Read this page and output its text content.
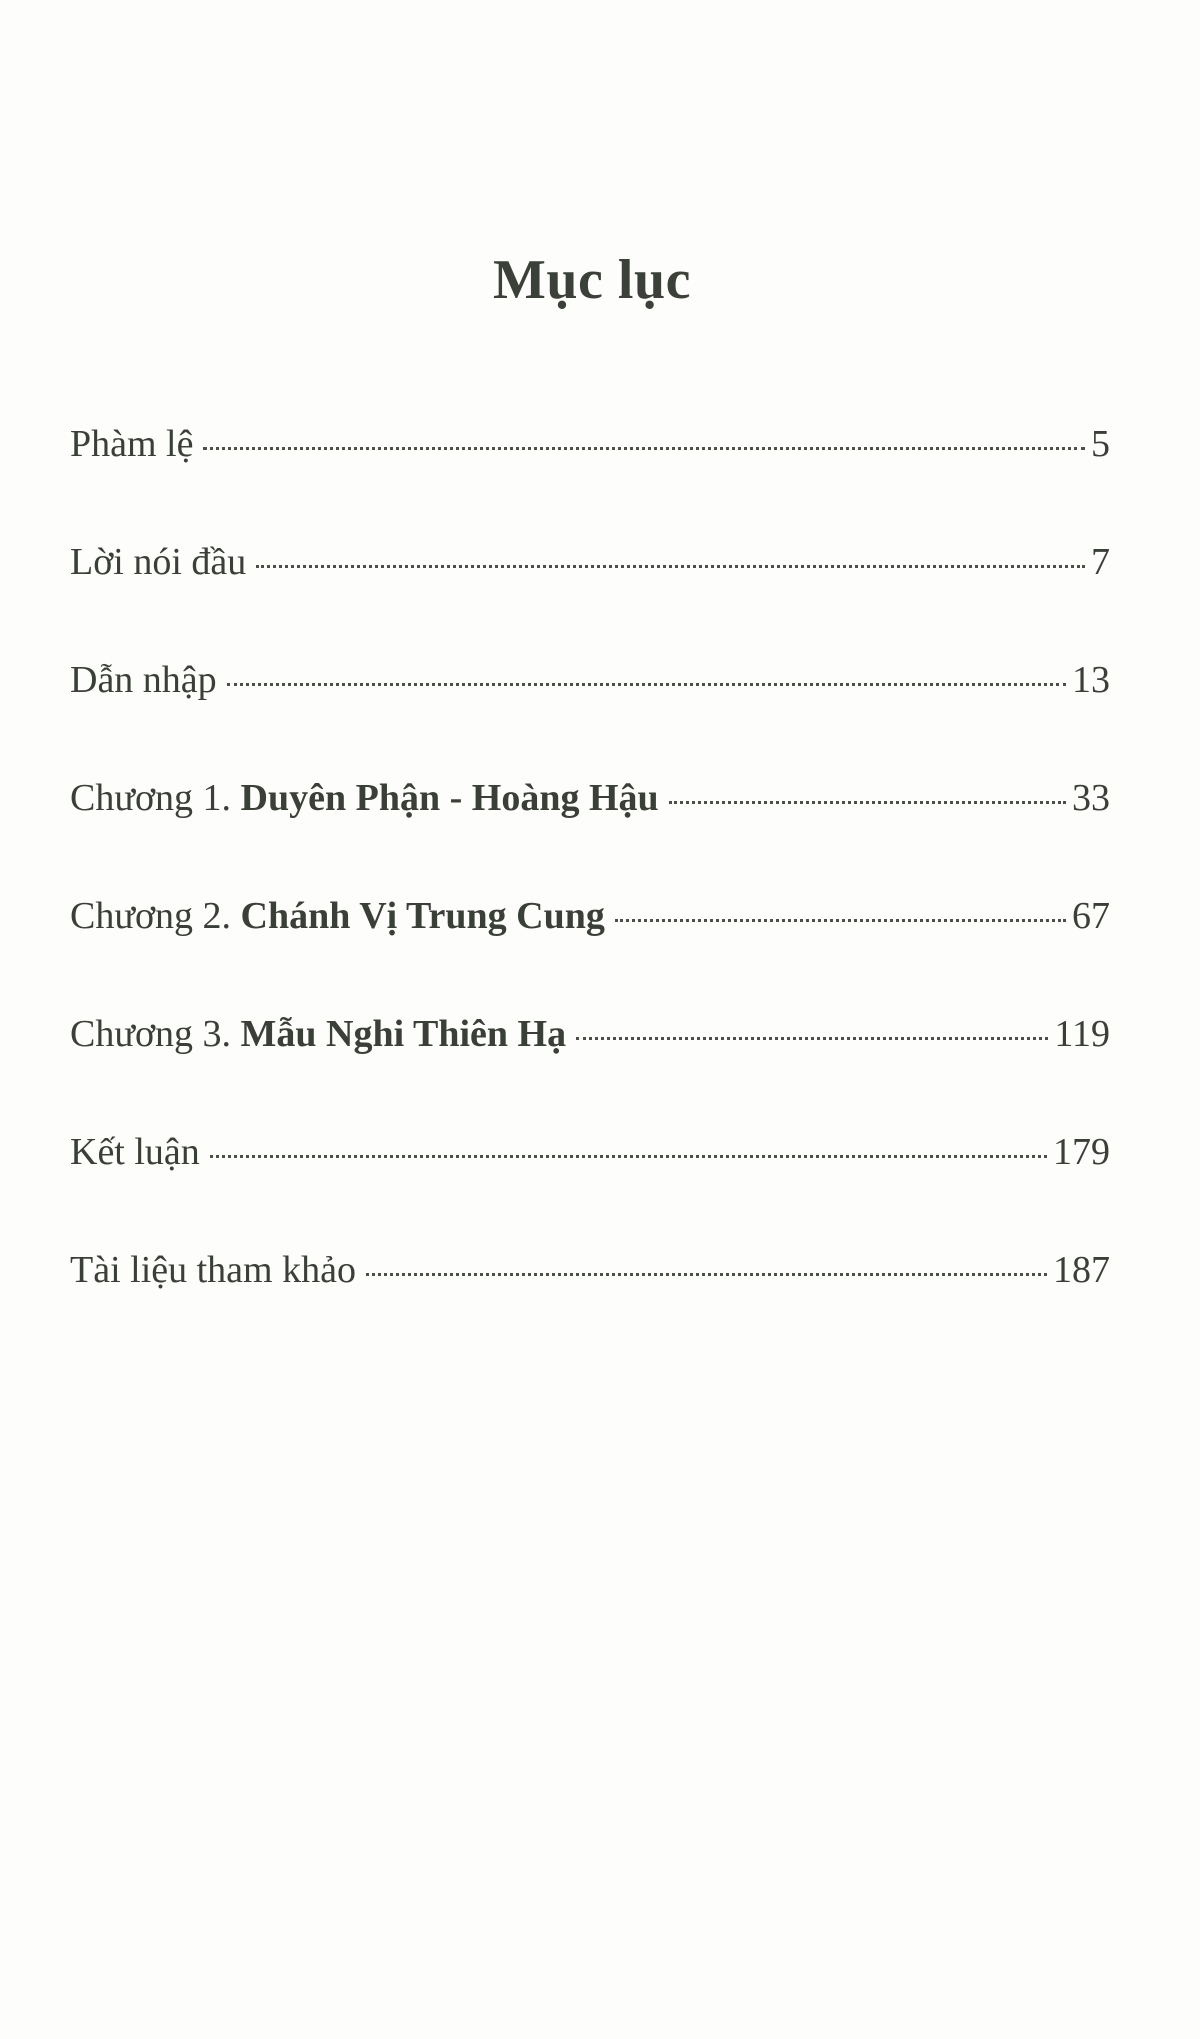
Mục lục
Phàm lệ	5
Lời nói đầu	7
Dẫn nhập	13
Chương 1. Duyên Phận - Hoàng Hậu	33
Chương 2. Chánh Vị Trung Cung	67
Chương 3. Mẫu Nghi Thiên Hạ	119
Kết luận	179
Tài liệu tham khảo	187
